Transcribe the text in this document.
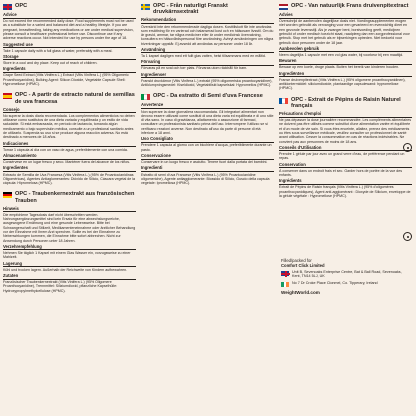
OPC
Advice
Do not exceed the recommended daily dose. Food supplements must not be used as a substitute for a varied and balanced diet and a healthy lifestyle. If you are pregnant, breastfeeding, taking any medications or are under medical supervision, please consult a healthcare professional before use. Discontinue use if any adverse reactions occur. Not intended for use by persons under the age of 18.
Suggested use
Take 1 capsule daily with a full glass of water, preferably with a meal.
Storage
Store in a cool and dry place. Keep out of reach of children.
Ingredients
Grape Seed Extract (Vitis Vinifera L.) Extract (Vitis Vinifera L.) (95% Oligomeric Proanthocyanidins), Bulking Agent: Silicon Dioxide, Vegetable Capsule Shell: Hypromellose (HPMC).
OPC - A partir de extracto natural de semillas de uva francesa
Consejo
No superar la dosis diaria recomendada. Los complementos alimenticios no deben utilizarse como sustitutos de una dieta variada y equilibrada y un estilo de vida saludable. Si está embarazada, en período de lactancia, tomando algún medicamento o bajo supervisión médica, consulte a un profesional sanitario antes de utilizarlo. Suspenda su uso si se produce alguna reacción adversa. No está destinado a menores de 18 años.
Indicaciones
Tomar 1 cápsula al día con un vaso de agua, preferiblemente con una comida.
Almacenamiento
Consérvese en un lugar fresco y seco. Manténer fuera del alcance de los niños.
Ingredientes
Extracto de Semilla de Uva Francesa (Vitis Vinifera L.) (95% de Proantocianidinas Oligoméricas), Agentes Antiaglomerantes: Dióxido de Silicio, Cáscara vegetal de la cápsula: Hipromelosa (HPMC).
OPC - Traubenkernextrakt aus französischen Trauben
Hinweis
Die empfohlene Tagesdosis darf nicht überschritten werden. Nahrungsergänzungsmittel sind kein Ersatz für eine abwechslungsreiche, ausgewogene Ernährung und eine gesunde Lebensweise. Bitte bei Schwangerschaft und Stillzeit, Medikamenteneinnahme oder ärztlicher Behandlung vor der Einnahme mit Ihrem Arzt sprechen. Sollte es bei der Einnahme zu Nebenwirkungen kommen, die Einnahme bitte sofort abbrechen. Nicht zur Anwendung durch Personen unter 18 Jahren.
Verzehrempfehlung
Nehmen Sie täglich 1 Kapsel mit einem Glas Wasser ein, vorzugsweise zu einer Mahlzeit.
Lagerung
Kühl und trocken lagern. Außerhalb der Reichweite von Kindern aufbewahren.
Zutaten
Französischer Traubenkernextrakt (Vitis Vinifera L.) (95% Oligomere Proanthocyanidine), Trennmittel: Siliziumdioxid, pflanzliche Kapselhülle: Hydroxypropylmethylcellulose (HPMC).
OPC - Från naturligt Franskt druvkärnsextrakt
Rekommendation
Överskrid inte den rekommenderade dagliga dosen. Kosttillskott får inte användas som ersättning för en varierad och balanserad kost och en hälsosam livsstil. Om du är gravid, ammar, tar några mediciner eller är under medicinsk övervakning, konsultera en hälsovårdspersonal före användning. Avbryt användningen om några biverkningar uppstår. Ej avsedd att användas av personer under 18 år.
Användning
Ta 1 kapsel dagligen med ett fullt glas vatten, helst tillsammans med en måltid.
Förvaring
Förvaras på en sval och torr plats. Förvaras utom räckhåll för barn.
Ingredienser
Franskt druvkärnor (Vitis Vinifera L.) extrakt (95% oligomeriska proantocyanidiner), Antiklumpningsmedel: Kiseldioxid, Vegetabiliskt kapselskal: Hypromellos (HPMC).
OPC - Da estratto di Semi d'uva Francese
Avvertenze
Non superare la dose giornaliera raccomandata. Gli integratori alimentari non devono essere utilizzati come sostituti di una dieta varia ed equilibrata e di uno stile di vita sano. In caso di gravidanza, allattamento o assunzione di farmaci, consultare un professionista sanitario prima dell'uso. Interrompere l'utilizzo se si verificano reazioni avverse. Non destinato all'uso da parte di persone di età inferiore a 18 anni.
Uso Consigliato
Prendere 1 capsula al giorno con un bicchiere d'acqua, preferibilmente durante un pasto.
Conservazione
Conservare in un luogo fresco e asciutto. Tenere fuori dalla portata dei bambini.
Ingredienti
Estratto di semi d'uva Francese (Vitis Vinifera L.) (95% Proantocianidine oligomeriche), Agente antiagglomerante: Biossido di Silicio, Guscio della capsula vegetale: Ipromellosa (HPMC).
OPC - Van natuurlijk Frans druivenpitextract
Advies
Overschrijd de aanbevolen dagelijkse dosis niet. Voedingssupplementen mogen niet worden gebruikt als vervanging voor een gevarieerd en evenwichtig dieet en een gezonde levensstijl. Als je zwanger bent, borstvoeding geeft, medicijnen gebruikt of onder medisch toezicht staat, raadpleeg dan een zorgprofessional voor gebruik. Stop met het gebruik als er bijwerkingen optreden. Niet bedoeld voor gebruik door personen onder de 18 jaar.
Aanbevolen gebruik
Neem dagelijks 1 capsule met een vol glas water, bij voorkeur bij een maaltijd.
Bewaren
Bewaar op een koele, droge plaats. Buiten het bereik van kinderen houden.
Ingrediënten
Franse druivenpitextract (Vitis Vinifera L.) (95% oligomere proanthocyanidinen), antiklontermiddel: siliciumdioxide, plantaardige capsulewand: hypromellose (HPMC).
OPC - Extrait de Pépins de Raisin Naturel français
Précautions d'emploi
Ne pas dépasser la dose journalière recommandée. Les compléments alimentaires ne doivent pas être utilisés comme substitut d'une alimentation variée et équilibrée et d'un mode de vie sain. Si vous êtes enceinte, allaitez, prenez des médicaments ou êtes sous surveillance médicale, veuillez consulter un professionnel de santé avant utilisation. Cesser la consommation en cas de réactions indésirables. Ne convient pas aux personnes de moins de 18 ans.
Conseils d'Utilisation
Prendre 1 gélule par jour avec un grand verre d'eau, de préférence pendant un repas.
Conservation
À conserver dans un endroit frais et sec. Garder hors de portée de la vue des enfants.
Ingrédients
Extrait de Pépins de Raisin français (Vitis Vinifera L.) (95% d'oligomères proanthocyanidiques), Agent anti-agglomérant : Dioxyde de Silicium, enveloppe de la gélule végétale : Hypromellose (HPMC).
Filled/packed for
Comfort Click Limited
Unit B, Sevenoaks Enterprise Centre, Bat & Ball Road, Sevenoaks, Kent, TN14 5LJ, UK
No 7 Dr Croke Place Clonmel, Co. Tipperary, Ireland
WeightWorld.com
